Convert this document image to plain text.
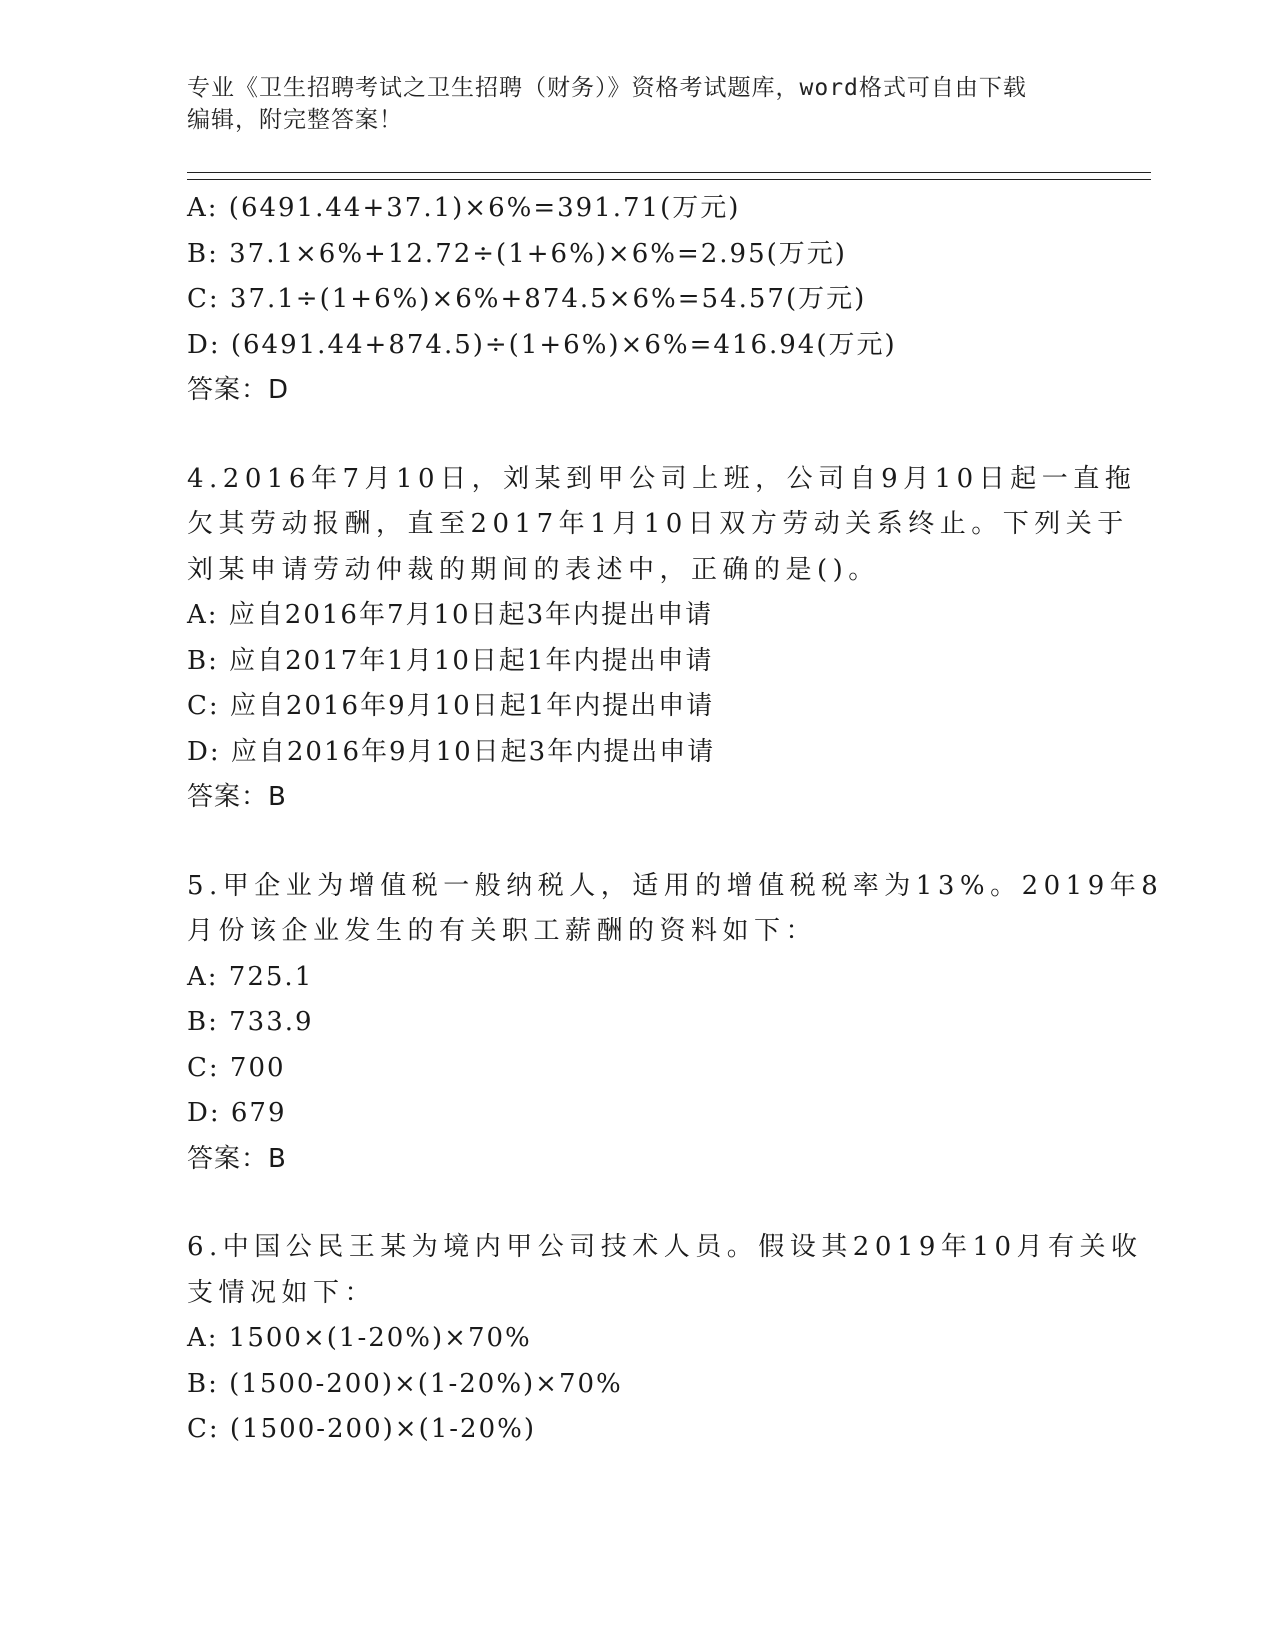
专业《卫生招聘考试之卫生招聘（财务）》资格考试题库，word格式可自由下载
编辑，附完整答案！
A: (6491.44+37.1)×6%=391.71(万元)
B: 37.1×6%+12.72÷(1+6%)×6%=2.95(万元)
C: 37.1÷(1+6%)×6%+874.5×6%=54.57(万元)
D: (6491.44+874.5)÷(1+6%)×6%=416.94(万元)
答案：D
4.2016年7月10日，刘某到甲公司上班，公司自9月10日起一直拖
欠其劳动报酬，直至2017年1月10日双方劳动关系终止。下列关于
刘某申请劳动仲裁的期间的表述中，正确的是()。
A: 应自2016年7月10日起3年内提出申请
B: 应自2017年1月10日起1年内提出申请
C: 应自2016年9月10日起1年内提出申请
D: 应自2016年9月10日起3年内提出申请
答案：B
5.甲企业为增值税一般纳税人，适用的增值税税率为13%。2019年8
月份该企业发生的有关职工薪酬的资料如下：
A: 725.1
B: 733.9
C: 700
D: 679
答案：B
6.中国公民王某为境内甲公司技术人员。假设其2019年10月有关收
支情况如下：
A: 1500×(1-20%)×70%
B: (1500-200)×(1-20%)×70%
C: (1500-200)×(1-20%)
